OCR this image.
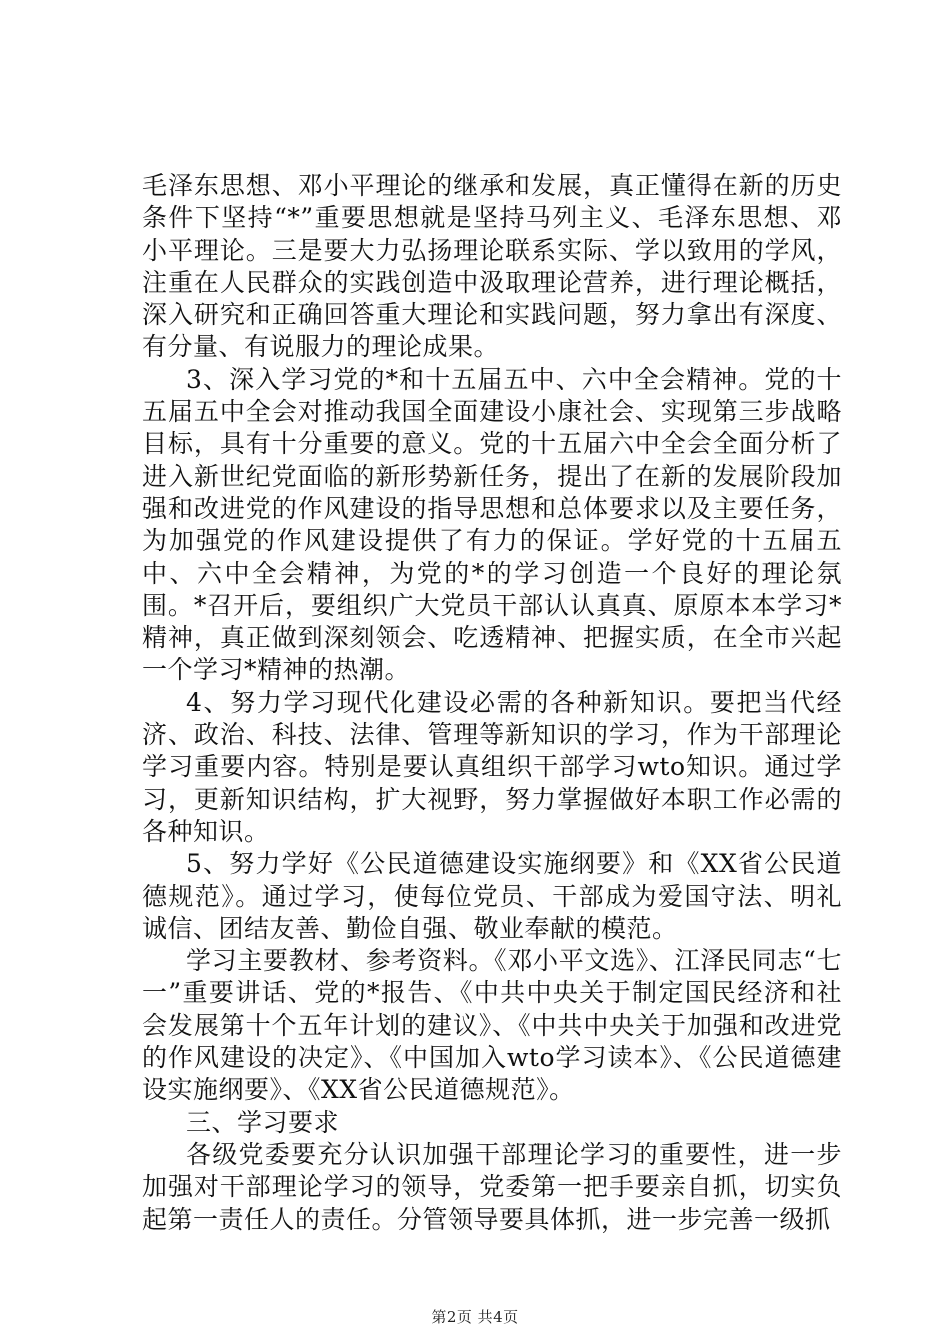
毛泽东思想、邓小平理论的继承和发展，真正懂得在新的历史条件下坚持“*”重要思想就是坚持马列主义、毛泽东思想、邓小平理论。三是要大力弘扬理论联系实际、学以致用的学风，注重在人民群众的实践创造中汲取理论营养，进行理论概括，深入研究和正确回答重大理论和实践问题，努力拿出有深度、有分量、有说服力的理论成果。

3、深入学习党的*和十五届五中、六中全会精神。党的十五届五中全会对推动我国全面建设小康社会、实现第三步战略目标，具有十分重要的意义。党的十五届六中全会全面分析了进入新世纪党面临的新形势新任务，提出了在新的发展阶段加强和改进党的作风建设的指导思想和总体要求以及主要任务，为加强党的作风建设提供了有力的保证。学好党的十五届五中、六中全会精神，为党的*的学习创造一个良好的理论氛围。*召开后，要组织广大党员干部认认真真、原原本本学习*精神，真正做到深刻领会、吃透精神、把握实质，在全市兴起一个学习*精神的热潮。

4、努力学习现代化建设必需的各种新知识。要把当代经济、政治、科技、法律、管理等新知识的学习，作为干部理论学习重要内容。特别是要认真组织干部学习wto知识。通过学习，更新知识结构，扩大视野，努力掌握做好本职工作必需的各种知识。

5、努力学好《公民道德建设实施纲要》和《XX省公民道德规范》。通过学习，使每位党员、干部成为爱国守法、明礼诚信、团结友善、勤俭自强、敬业奉献的模范。

学习主要教材、参考资料。《邓小平文选》、江泽民同志“七一”重要讲话、党的*报告、《中共中央关于制定国民经济和社会发展第十个五年计划的建议》、《中共中央关于加强和改进党的作风建设的决定》、《中国加入wto学习读本》、《公民道德建设实施纲要》、《XX省公民道德规范》。

三、学习要求

各级党委要充分认识加强干部理论学习的重要性，进一步加强对干部理论学习的领导，党委第一把手要亲自抓，切实负起第一责任人的责任。分管领导要具体抓，进一步完善一级抓

第2页 共4页
